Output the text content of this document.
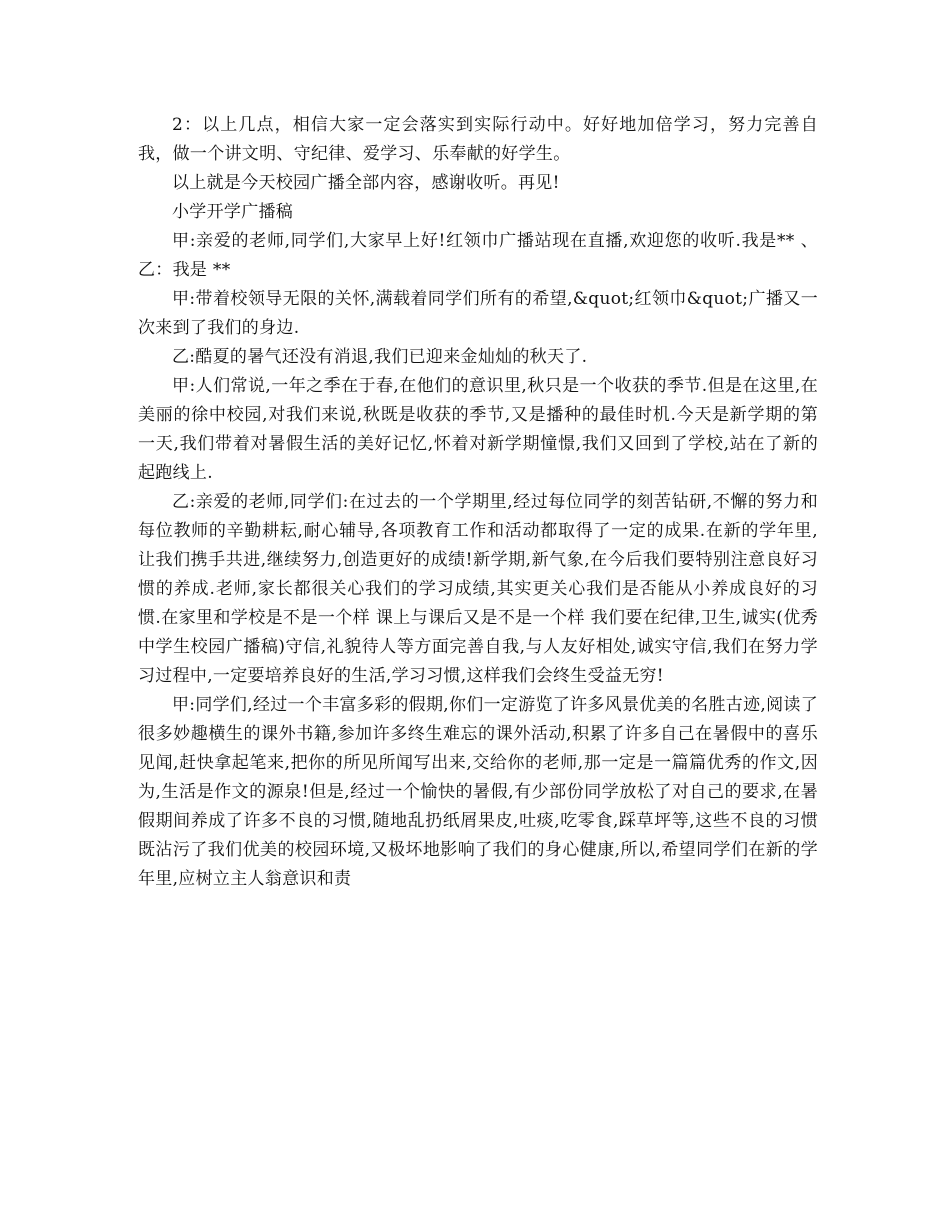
2：以上几点，相信大家一定会落实到实际行动中。好好地加倍学习，努力完善自我，做一个讲文明、守纪律、爱学习、乐奉献的好学生。

以上就是今天校园广播全部内容，感谢收听。再见!

小学开学广播稿

甲:亲爱的老师,同学们,大家早上好!红领巾广播站现在直播,欢迎您的收听.我是** 、乙：我是 **

甲:带着校领导无限的关怀,满载着同学们所有的希望,&quot;红领巾&quot;广播又一次来到了我们的身边.

乙:酷夏的暑气还没有消退,我们已迎来金灿灿的秋天了.

甲:人们常说,一年之季在于春,在他们的意识里,秋只是一个收获的季节.但是在这里,在美丽的徐中校园,对我们来说,秋既是收获的季节,又是播种的最佳时机.今天是新学期的第一天,我们带着对暑假生活的美好记忆,怀着对新学期憧憬,我们又回到了学校,站在了新的起跑线上.

乙:亲爱的老师,同学们:在过去的一个学期里,经过每位同学的刻苦钻研,不懈的努力和每位教师的辛勤耕耘,耐心辅导,各项教育工作和活动都取得了一定的成果.在新的学年里,让我们携手共进,继续努力,创造更好的成绩!新学期,新气象,在今后我们要特别注意良好习惯的养成.老师,家长都很关心我们的学习成绩,其实更关心我们是否能从小养成良好的习惯.在家里和学校是不是一个样 课上与课后又是不是一个样 我们要在纪律,卫生,诚实(优秀中学生校园广播稿)守信,礼貌待人等方面完善自我,与人友好相处,诚实守信,我们在努力学习过程中,一定要培养良好的生活,学习习惯,这样我们会终生受益无穷!

甲:同学们,经过一个丰富多彩的假期,你们一定游览了许多风景优美的名胜古迹,阅读了很多妙趣横生的课外书籍,参加许多终生难忘的课外活动,积累了许多自己在暑假中的喜乐见闻,赶快拿起笔来,把你的所见所闻写出来,交给你的老师,那一定是一篇篇优秀的作文,因为,生活是作文的源泉!但是,经过一个愉快的暑假,有少部份同学放松了对自己的要求,在暑假期间养成了许多不良的习惯,随地乱扔纸屑果皮,吐痰,吃零食,踩草坪等,这些不良的习惯既沾污了我们优美的校园环境,又极坏地影响了我们的身心健康,所以,希望同学们在新的学年里,应树立主人翁意识和责
